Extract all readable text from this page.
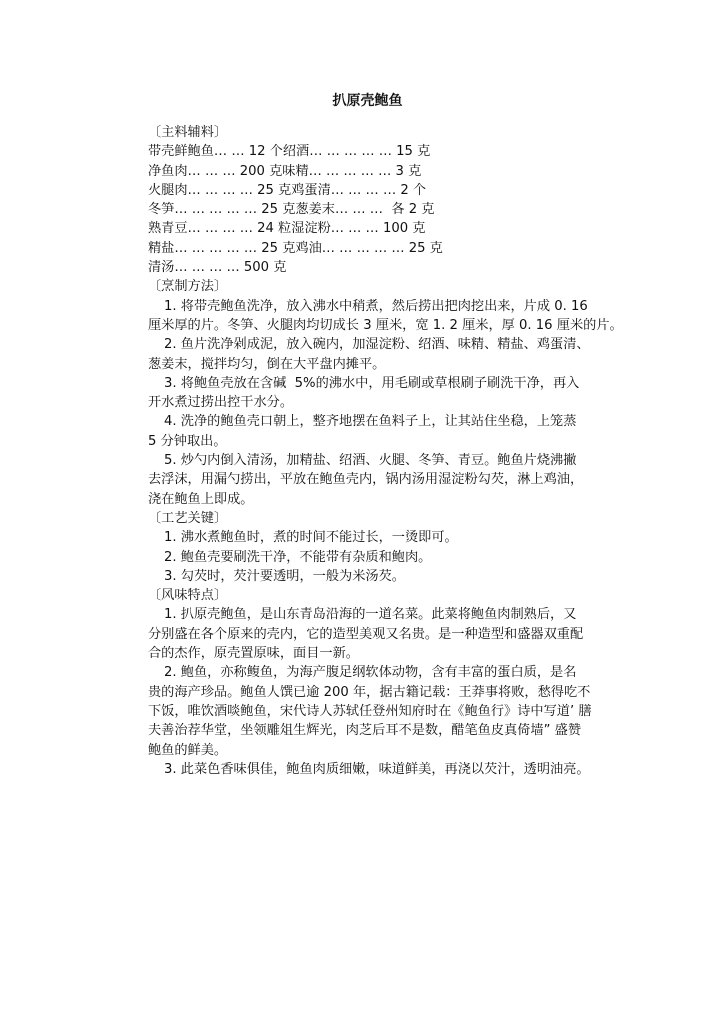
扒原壳鲍鱼
〔主料辅料〕
带壳鲜鲍鱼… … 12 个绍酒… … … … … 15 克
净鱼肉… … … 200 克味精… … … … … 3 克
火腿肉… … … … 25 克鸡蛋清… … … … 2 个
冬笋… … … … … 25 克葱姜末… … …  各 2 克
熟青豆… … … … 24 粒湿淀粉… … … 100 克
精盐… … … … … 25 克鸡油… … … … … 25 克
清汤… … … … 500 克
〔烹制方法〕
1. 将带壳鲍鱼洗净，放入沸水中稍煮，然后捞出把肉挖出来，片成 0. 16
厘米厚的片。冬笋、火腿肉均切成长 3 厘米，宽 1. 2 厘米，厚 0. 16 厘米的片。
2. 鱼片洗净剁成泥，放入碗内，加湿淀粉、绍酒、味精、精盐、鸡蛋清、
葱姜末，搅拌均匀，倒在大平盘内摊平。
3. 将鲍鱼壳放在含碱  5%的沸水中，用毛刷或草根刷子刷洗干净，再入
开水煮过捞出控干水分。
4. 洗净的鲍鱼壳口朝上，整齐地摆在鱼料子上，让其站住坐稳，上笼蒸
5 分钟取出。
5. 炒勺内倒入清汤，加精盐、绍酒、火腿、冬笋、青豆。鲍鱼片烧沸撇
去浮沫，用漏勺捞出，平放在鲍鱼壳内，锅内汤用湿淀粉勾芡，淋上鸡油，
浇在鲍鱼上即成。
〔工艺关键〕
1. 沸水煮鲍鱼时，煮的时间不能过长，一烫即可。
2. 鲍鱼壳要刷洗干净，不能带有杂质和鲍肉。
3. 勾芡时，芡汁要透明，一般为米汤芡。
〔风味特点〕
1. 扒原壳鲍鱼，是山东青岛沿海的一道名菜。此菜将鲍鱼肉制熟后，又
分别盛在各个原来的壳内，它的造型美观又名贵。是一种造型和盛器双重配
合的杰作，原壳置原味，面目一新。
2. 鲍鱼，亦称鳆鱼，为海产腹足纲软体动物，含有丰富的蛋白质，是名
贵的海产珍品。鲍鱼人馔已逾 200 年，据古籍记载：王莽事将败，愁得吃不
下饭，唯饮酒啖鲍鱼，宋代诗人苏轼任登州知府时在《鲍鱼行》诗中写道’ 膳
夫善治荐华堂，坐领雕俎生辉光，肉芝后耳不是数，醋笔鱼皮真倚墙” 盛赞
鲍鱼的鲜美。
3. 此菜色香味俱佳，鲍鱼肉质细嫩，味道鲜美，再浇以芡汁，透明油亮。
